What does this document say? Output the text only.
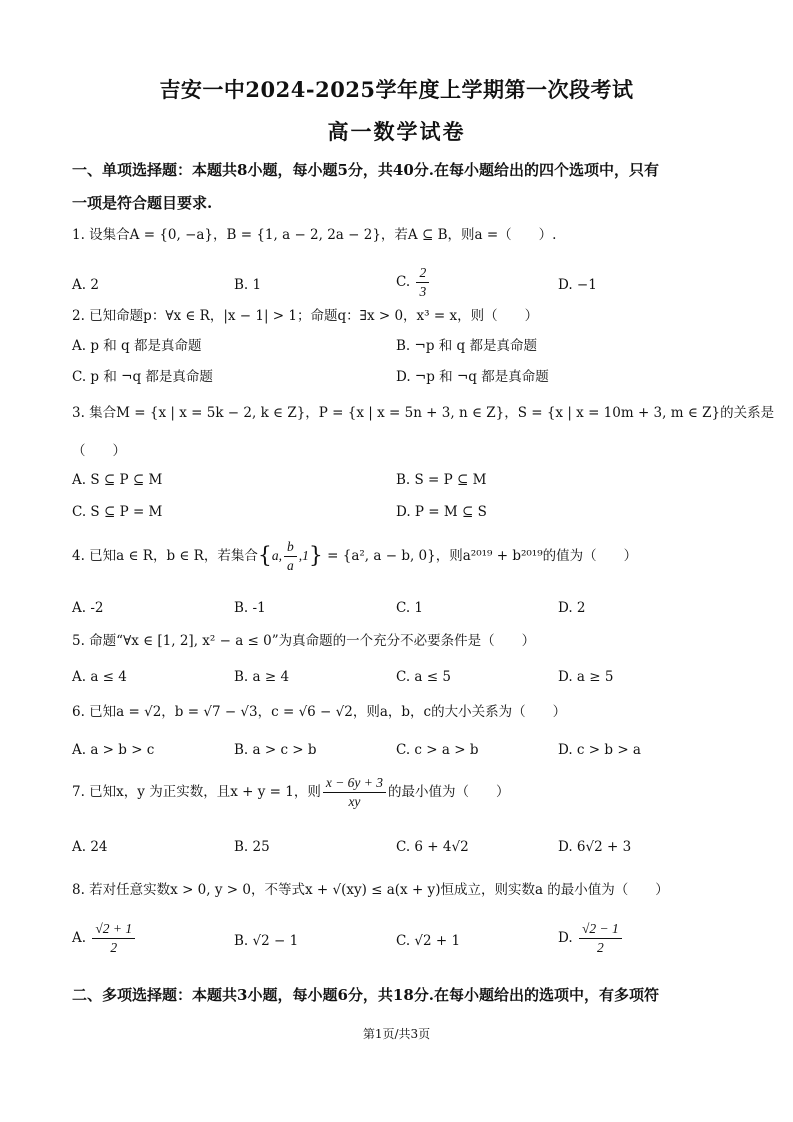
吉安一中2024-2025学年度上学期第一次段考试
高一数学试卷
一、单项选择题：本题共8小题，每小题5分，共40分.在每小题给出的四个选项中，只有
一项是符合题目要求.
1. 设集合A = {0, −a}，B = {1, a − 2, 2a − 2}，若A ⊆ B，则a =（　　）.
A. 2	B. 1	C. $\frac{2}{3}$	D. −1
2. 已知命题p：∀x ∈ R，|x − 1| > 1；命题q：∃x > 0，x³ = x，则（　　）
A. p 和 q 都是真命题	B. ¬p 和 q 都是真命题
C. p 和 ¬q 都是真命题	D. ¬p 和 ¬q 都是真命题
3. 集合M = {x | x = 5k − 2, k ∈ Z}，P = {x | x = 5n + 3, n ∈ Z}，S = {x | x = 10m + 3, m ∈ Z}的关系是
（　　）
A. S ⊆ P ⊆ M	B. S = P ⊆ M
C. S ⊆ P = M	D. P = M ⊆ S
4. 已知a ∈ R，b ∈ R，若集合{a, $\frac{b}{a} ,1\} = \{a^2$, a − b, 0}，则a²⁰¹⁹ + b²⁰¹⁹的值为（　　）
A. -2	B. -1	C. 1	D. 2
5. 命题“∀x ∈ [1, 2], x² − a ≤ 0”为真命题的一个充分不必要条件是（　　）
A. a ≤ 4	B. a ≥ 4	C. a ≤ 5	D. a ≥ 5
6. 已知a = √2，b = √7 − √3，c = √6 − √2，则a，b，c的大小关系为（　　）
A. a > b > c	B. a > c > b	C. c > a > b	D. c > b > a
7. 已知x，y 为正实数，且x + y = 1，则 $\frac{x - 6y + 3}{xy}$ 的最小值为（　　）
A. 24	B. 25	C. 6 + 4√2	D. 6√2 + 3
8. 若对任意实数x > 0, y > 0，不等式x + √(xy) ≤ a(x + y)恒成立，则实数a 的最小值为（　　）
A. $\frac{√2 + 1}{2}$	B. √2 − 1	C. √2 + 1	D. $\frac{√2 - 1}{2}$
二、多项选择题：本题共3小题，每小题6分，共18分.在每小题给出的选项中，有多项符
第1页/共3页
